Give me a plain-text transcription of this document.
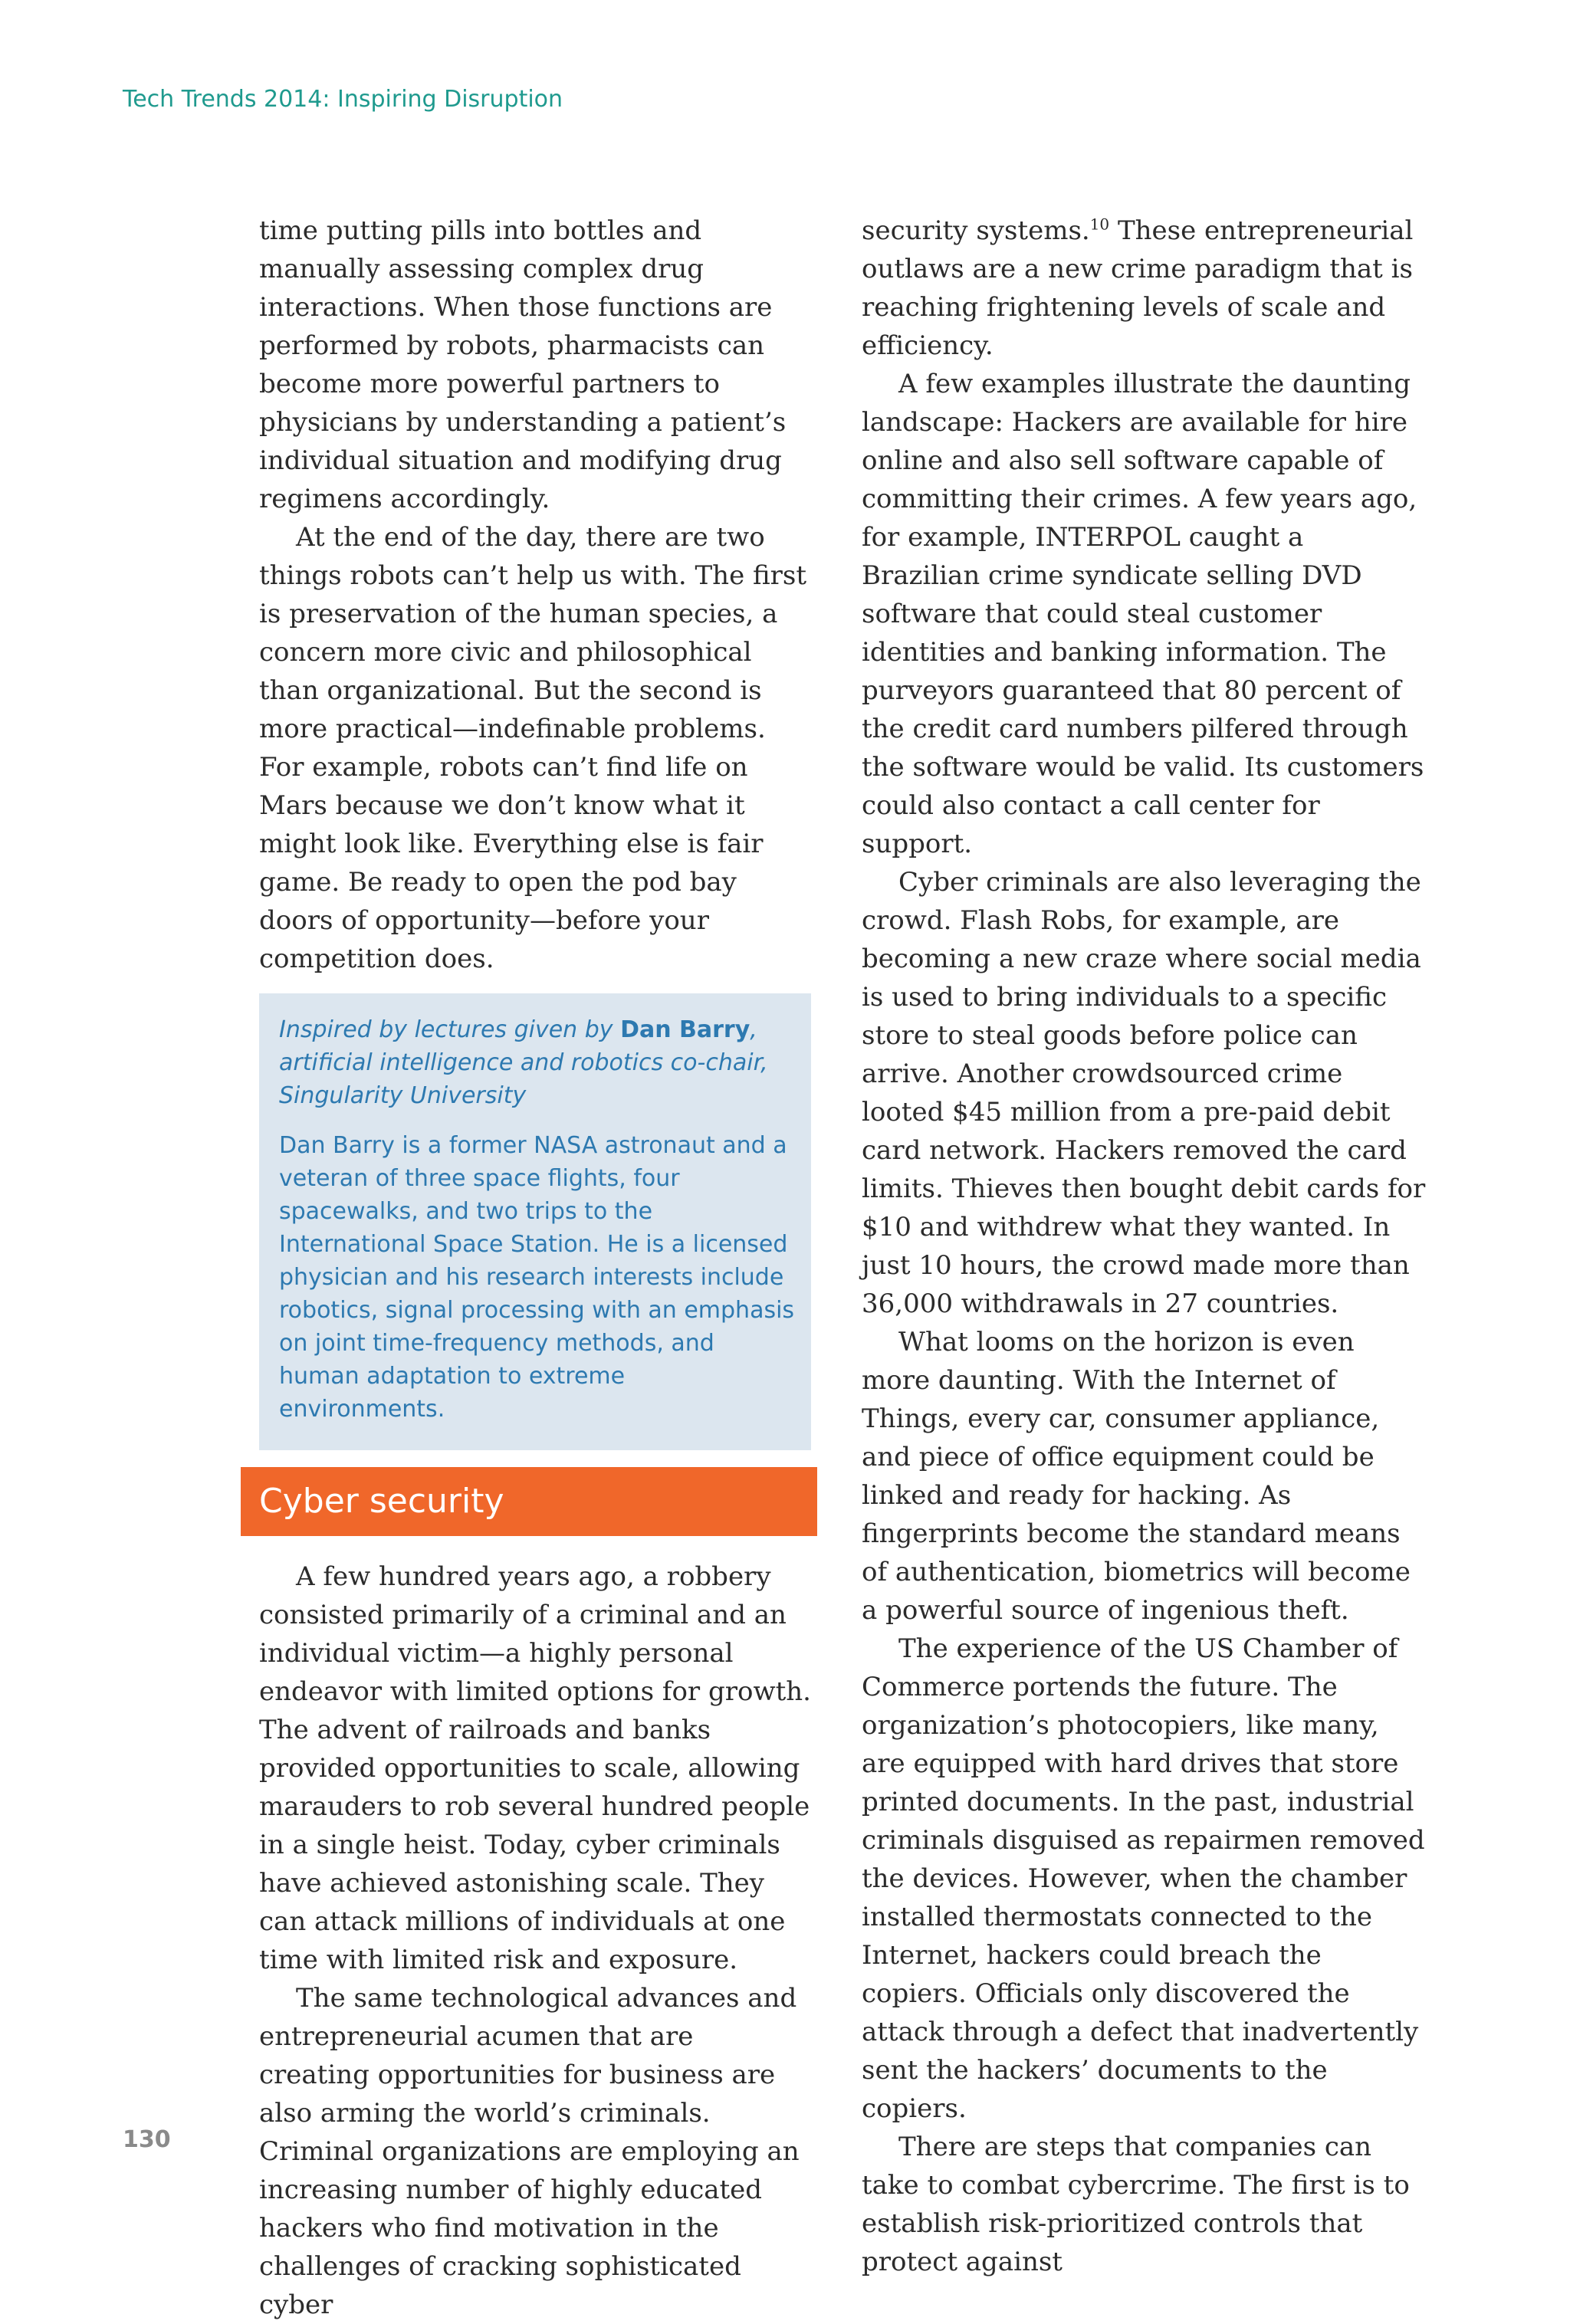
Tech Trends 2014: Inspiring Disruption

time putting pills into bottles and manually assessing complex drug interactions. When those functions are performed by robots, pharmacists can become more powerful partners to physicians by understanding a patient’s individual situation and modifying drug regimens accordingly.

At the end of the day, there are two things robots can’t help us with. The first is preservation of the human species, a concern more civic and philosophical than organizational. But the second is more practical—indefinable problems. For example, robots can’t find life on Mars because we don’t know what it might look like. Everything else is fair game. Be ready to open the pod bay doors of opportunity—before your competition does.

Inspired by lectures given by Dan Barry, artificial intelligence and robotics co-chair, Singularity University

Dan Barry is a former NASA astronaut and a veteran of three space flights, four spacewalks, and two trips to the International Space Station. He is a licensed physician and his research interests include robotics, signal processing with an emphasis on joint time-frequency methods, and human adaptation to extreme environments.

Cyber security

A few hundred years ago, a robbery consisted primarily of a criminal and an individual victim—a highly personal endeavor with limited options for growth. The advent of railroads and banks provided opportunities to scale, allowing marauders to rob several hundred people in a single heist. Today, cyber criminals have achieved astonishing scale. They can attack millions of individuals at one time with limited risk and exposure.

The same technological advances and entrepreneurial acumen that are creating opportunities for business are also arming the world’s criminals. Criminal organizations are employing an increasing number of highly educated hackers who find motivation in the challenges of cracking sophisticated cyber

security systems.$^{10}$ These entrepreneurial outlaws are a new crime paradigm that is reaching frightening levels of scale and efficiency.

A few examples illustrate the daunting landscape: Hackers are available for hire online and also sell software capable of committing their crimes. A few years ago, for example, INTERPOL caught a Brazilian crime syndicate selling DVD software that could steal customer identities and banking information. The purveyors guaranteed that 80 percent of the credit card numbers pilfered through the software would be valid. Its customers could also contact a call center for support.

Cyber criminals are also leveraging the crowd. Flash Robs, for example, are becoming a new craze where social media is used to bring individuals to a specific store to steal goods before police can arrive. Another crowdsourced crime looted $45 million from a pre-paid debit card network. Hackers removed the card limits. Thieves then bought debit cards for $10 and withdrew what they wanted. In just 10 hours, the crowd made more than 36,000 withdrawals in 27 countries.

What looms on the horizon is even more daunting. With the Internet of Things, every car, consumer appliance, and piece of office equipment could be linked and ready for hacking. As fingerprints become the standard means of authentication, biometrics will become a powerful source of ingenious theft.

The experience of the US Chamber of Commerce portends the future. The organization’s photocopiers, like many, are equipped with hard drives that store printed documents. In the past, industrial criminals disguised as repairmen removed the devices. However, when the chamber installed thermostats connected to the Internet, hackers could breach the copiers. Officials only discovered the attack through a defect that inadvertently sent the hackers’ documents to the copiers.

There are steps that companies can take to combat cybercrime. The first is to establish risk-prioritized controls that protect against

130
